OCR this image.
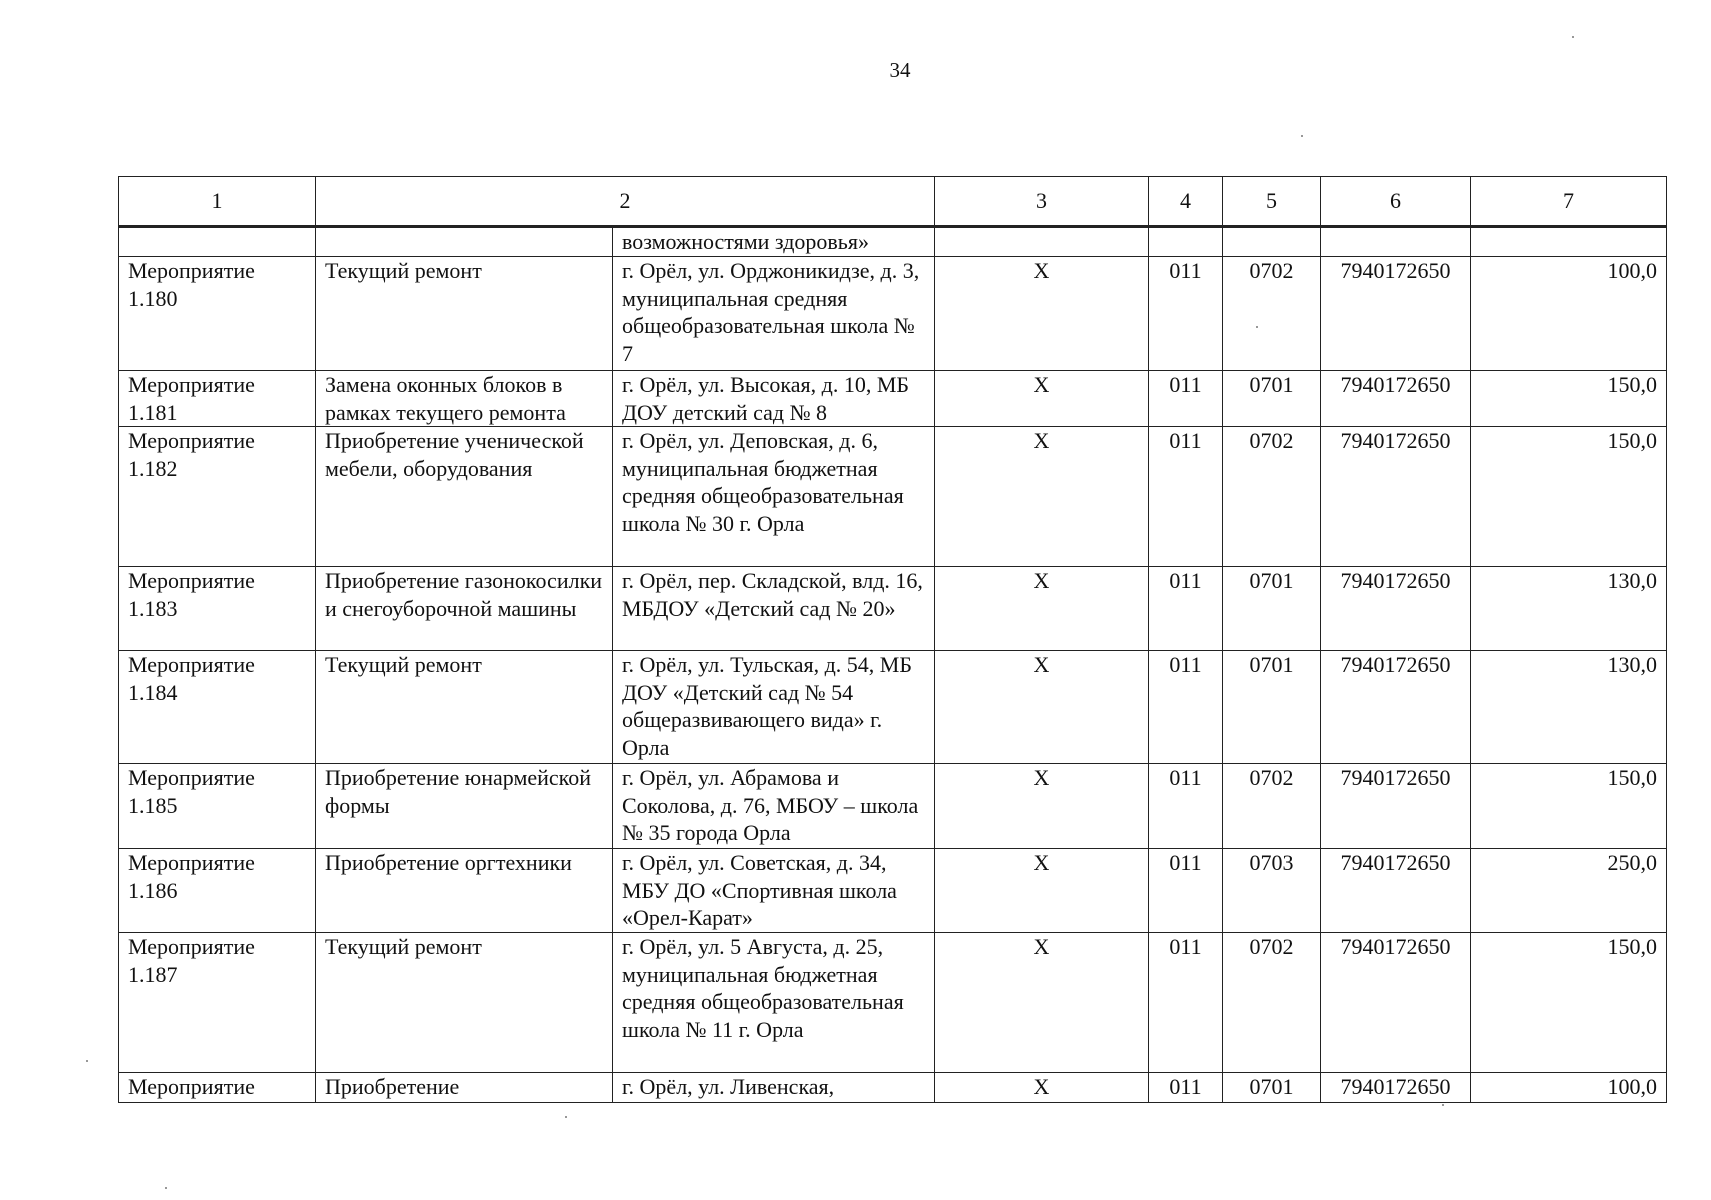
34
1	2		3	4	5	6	7
		возможностями здоровья»					
Мероприятие 1.180	Текущий ремонт	г. Орёл, ул. Орджоникидзе, д. 3, муниципальная средняя общеобразовательная школа № 7	X	011	0702	7940172650	100,0
Мероприятие 1.181	Замена оконных блоков в рамках текущего ремонта	г. Орёл, ул. Высокая, д. 10, МБ ДОУ детский сад № 8	X	011	0701	7940172650	150,0
Мероприятие 1.182	Приобретение ученической мебели, оборудования	г. Орёл, ул. Деповская, д. 6, муниципальная бюджетная средняя общеобразовательная школа № 30 г. Орла	X	011	0702	7940172650	150,0
Мероприятие 1.183	Приобретение газонокосилки и снегоуборочной машины	г. Орёл, пер. Складской, влд. 16, МБДОУ «Детский сад № 20»	X	011	0701	7940172650	130,0
Мероприятие 1.184	Текущий ремонт	г. Орёл, ул. Тульская, д. 54, МБ ДОУ «Детский сад № 54 общеразвивающего вида» г. Орла	X	011	0701	7940172650	130,0
Мероприятие 1.185	Приобретение юнармейской формы	г. Орёл, ул. Абрамова и Соколова, д. 76, МБОУ – школа № 35 города Орла	X	011	0702	7940172650	150,0
Мероприятие 1.186	Приобретение оргтехники	г. Орёл, ул. Советская, д. 34, МБУ ДО «Спортивная школа «Орел-Карат»	X	011	0703	7940172650	250,0
Мероприятие 1.187	Текущий ремонт	г. Орёл, ул. 5 Августа, д. 25, муниципальная бюджетная средняя общеобразовательная школа № 11 г. Орла	X	011	0702	7940172650	150,0
Мероприятие	Приобретение	г. Орёл, ул. Ливенская,	X	011	0701	7940172650	100,0
